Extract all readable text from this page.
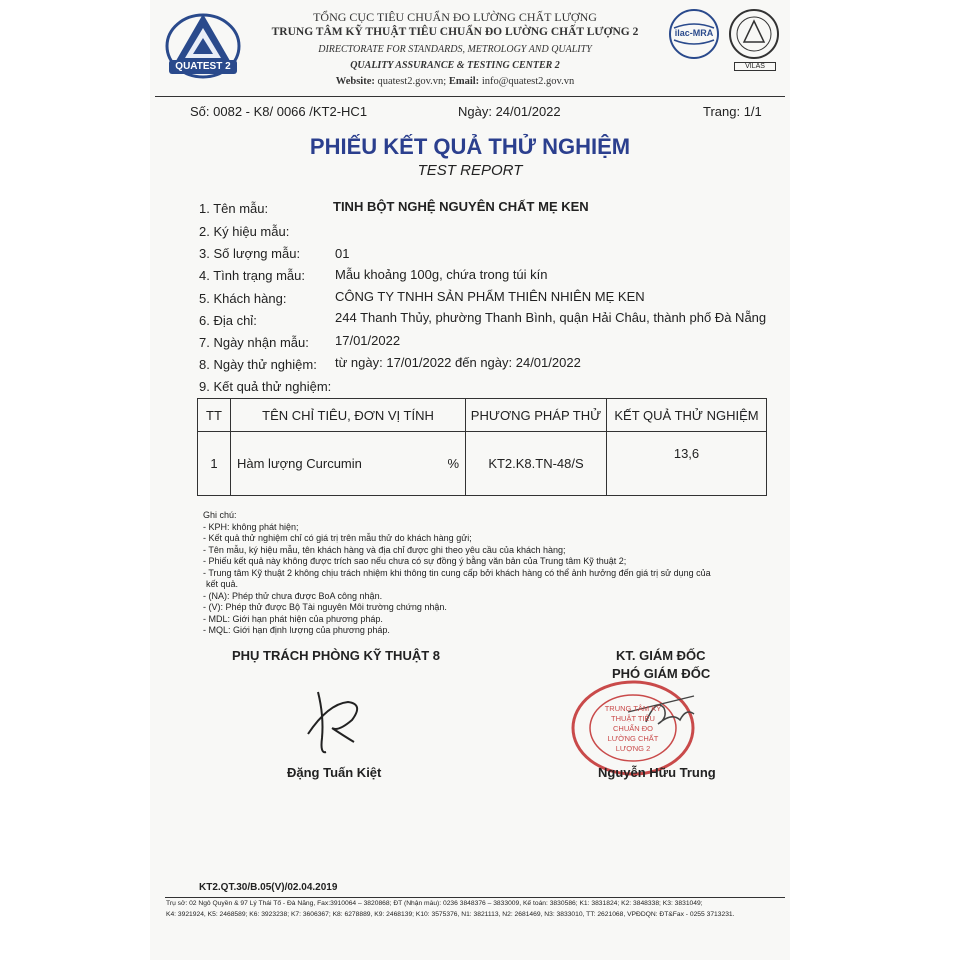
QUATEST 2
TỔNG CỤC TIÊU CHUẨN ĐO LƯỜNG CHẤT LƯỢNG
TRUNG TÂM KỸ THUẬT TIÊU CHUẨN ĐO LƯỜNG CHẤT LƯỢNG 2
DIRECTORATE FOR STANDARDS, METROLOGY AND QUALITY
QUALITY ASSURANCE & TESTING CENTER 2
Website: quatest2.gov.vn; Email: info@quatest2.gov.vn
ilac-MRA
VILAS
Số: 0082 - K8/ 0066 /KT2-HC1	Ngày: 24/01/2022	Trang: 1/1
PHIẾU KẾT QUẢ THỬ NGHIỆM
TEST REPORT
1. Tên mẫu:	TINH BỘT NGHỆ NGUYÊN CHẤT MẸ KEN
2. Ký hiệu mẫu:
3. Số lượng mẫu:	01
4. Tình trạng mẫu: Mẫu khoảng 100g, chứa trong túi kín
5. Khách hàng:	CÔNG TY TNHH SẢN PHẨM THIÊN NHIÊN MẸ KEN
6. Địa chỉ:	244 Thanh Thủy, phường Thanh Bình, quận Hải Châu, thành phố Đà Nẵng
7. Ngày nhận mẫu: 17/01/2022
8. Ngày thử nghiệm: từ ngày: 17/01/2022 đến ngày: 24/01/2022
9. Kết quả thử nghiệm:
TT	TÊN CHỈ TIÊU, ĐƠN VỊ TÍNH	PHƯƠNG PHÁP THỬ	KẾT QUẢ THỬ NGHIỆM
1	Hàm lượng Curcumin %	KT2.K8.TN-48/S	13,6
Ghi chú:
- KPH: không phát hiện;
- Kết quả thử nghiệm chỉ có giá trị trên mẫu thử do khách hàng gửi;
- Tên mẫu, ký hiệu mẫu, tên khách hàng và địa chỉ được ghi theo yêu cầu của khách hàng;
- Phiếu kết quả này không được trích sao nếu chưa có sự đồng ý bằng văn bản của Trung tâm Kỹ thuật 2;
- Trung tâm Kỹ thuật 2 không chịu trách nhiệm khi thông tin cung cấp bởi khách hàng có thể ảnh hưởng đến giá trị sử dụng của
kết quả.
- (NA): Phép thử chưa được BoA công nhận.
- (V): Phép thử được Bộ Tài nguyên Môi trường chứng nhận.
- MDL: Giới hạn phát hiện của phương pháp.
- MQL: Giới hạn định lượng của phương pháp.
PHỤ TRÁCH PHÒNG KỸ THUẬT 8	KT. GIÁM ĐỐC
PHÓ GIÁM ĐỐC
Đặng Tuấn Kiệt
TRUNG TÂM KỸ THUẬT TIÊU CHUẨN ĐO LƯỜNG CHẤT LƯỢNG 2
Nguyễn Hữu Trung
KT2.QT.30/B.05(V)/02.04.2019
Trụ sở: 02 Ngô Quyền & 97 Lý Thái Tổ - Đà Nẵng, Fax:3910064 – 3820868; ĐT (Nhận mẫu): 0236 3848376 – 3833009, Kế toán: 3830586; K1: 3831824; K2: 3848338; K3: 3831049;
K4: 3921924, K5: 2468589; K6: 3923238; K7: 3606367; K8: 6278889, K9: 2468139; K10: 3575376, N1: 3821113, N2: 2681469, N3: 3833010, TT: 2621068, VPĐDQN: ĐT&Fax - 0255 3713231.
